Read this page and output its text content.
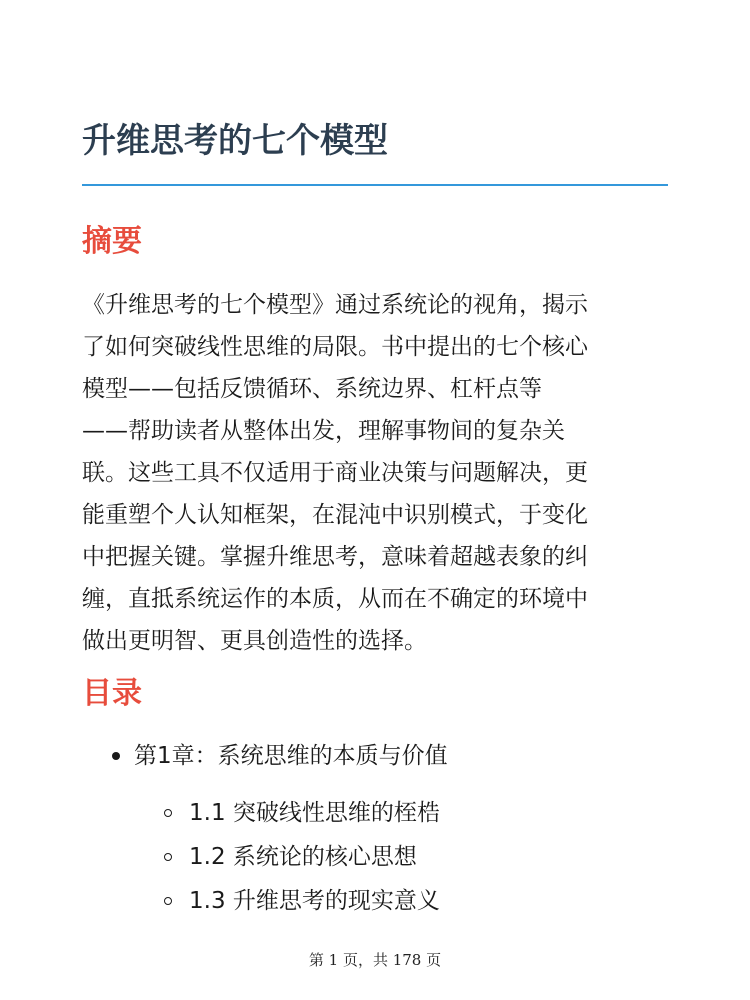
升维思考的七个模型
摘要

《升维思考的七个模型》通过系统论的视角，揭示
了如何突破线性思维的局限。书中提出的七个核心
模型——包括反馈循环、系统边界、杠杆点等
——帮助读者从整体出发，理解事物间的复杂关
联。这些工具不仅适用于商业决策与问题解决，更
能重塑个人认知框架，在混沌中识别模式，于变化
中把握关键。掌握升维思考，意味着超越表象的纠
缠，直抵系统运作的本质，从而在不确定的环境中
做出更明智、更具创造性的选择。

目录
第1章：系统思维的本质与价值
1.1 突破线性思维的桎梏
1.2 系统论的核心思想
1.3 升维思考的现实意义
第 1 页，共 178 页
